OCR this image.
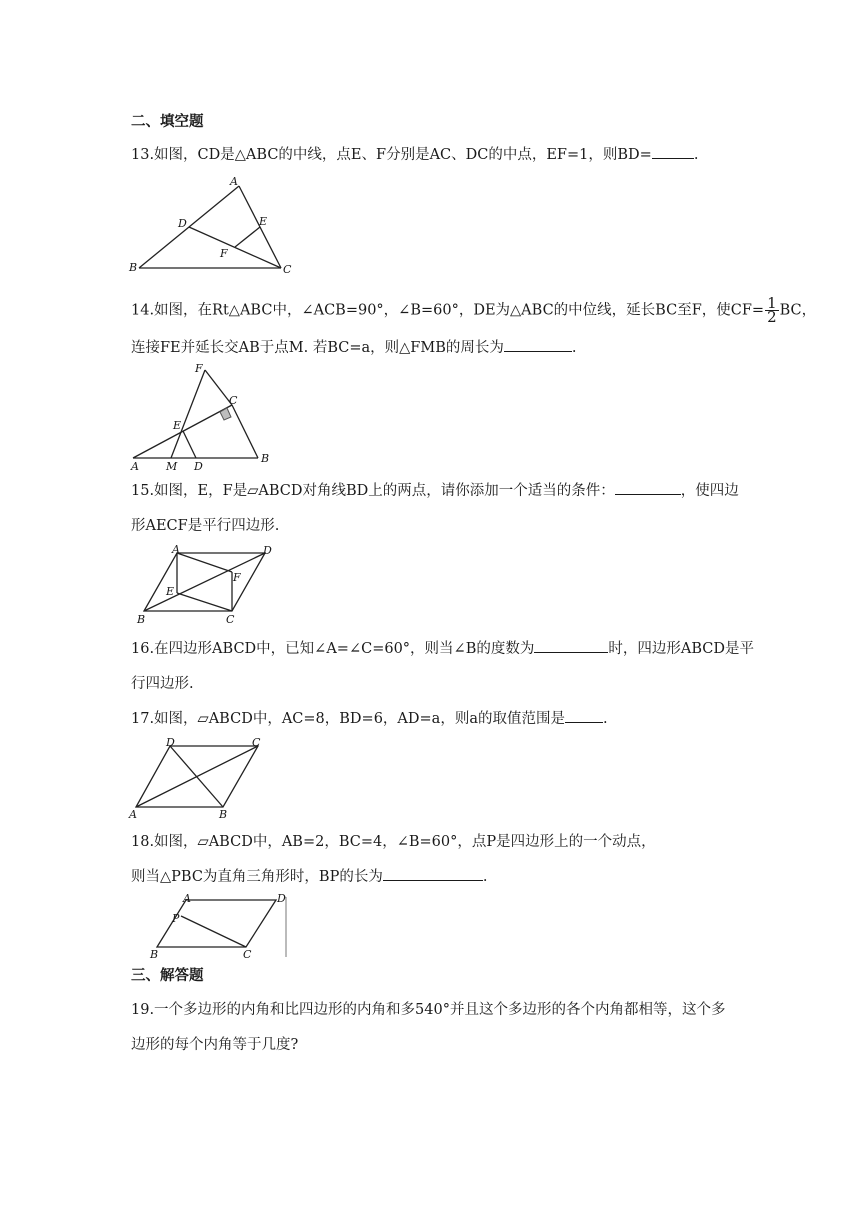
二、填空题
13.如图，CD是△ABC的中线，点E、F分别是AC、DC的中点，EF=1，则BD=	.
A
B	C
D	E
F
14.如图，在Rt△ABC中，∠ACB=90°，∠B=60°，DE为△ABC的中位线，延长BC至F，使$CF= \frac{1}{2}$ BC，
连接FE并延长交AB于点M. 若BC=a，则△FMB的周长为	.
F
C
E
A M D
B
15.如图，E，F是▱ABCD对角线BD上的两点，请你添加一个适当的条件：	，使四边
形AECF是平行四边形.
A	D
E
F
B	C
16.在四边形ABCD中，已知∠A=∠C=60°，则当∠B的度数为	时，四边形ABCD是平
行四边形.
17.如图，▱ABCD中，AC=8，BD=6，AD=a，则a的取值范围是	.
D	C
A	B
18.如图，▱ABCD中，AB=2，BC=4，∠B=60°，点P是四边形上的一个动点，
则当△PBC为直角三角形时，BP的长为	.
A	D
P
B	C
三、解答题
19.一个多边形的内角和比四边形的内角和多540°并且这个多边形的各个内角都相等，这个多
边形的每个内角等于几度?
